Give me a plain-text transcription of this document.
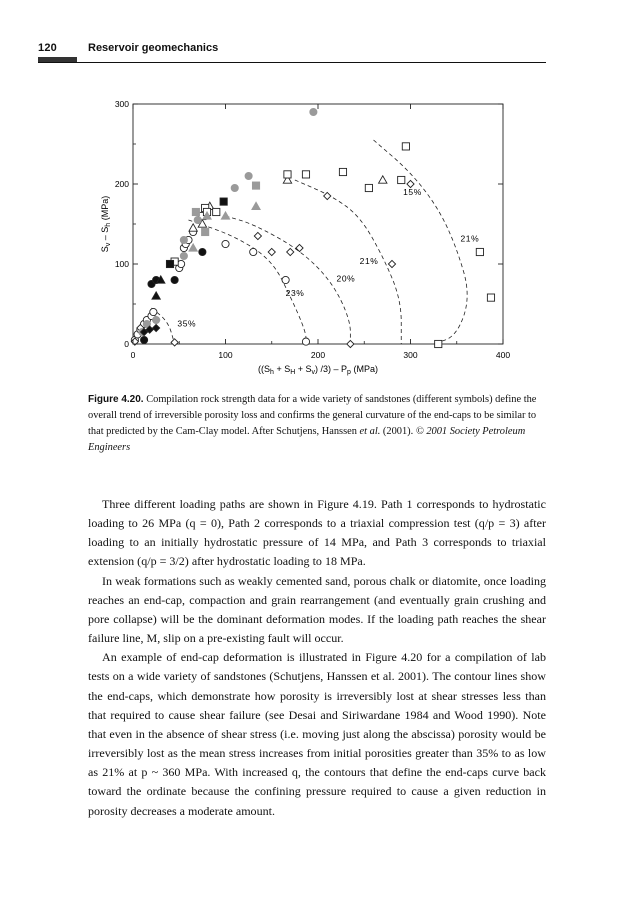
120	Reservoir geomechanics
0	100	200	300	400
0
100
200
300
35%
23%
20%
21%
15%
21%
($(S_h + S_H + S_v)$ $/3) - P_p$ (MPa)
$S_v - S_h$ (MPa)
Figure 4.20. Compilation rock strength data for a wide variety of sandstones (different symbols) define the overall trend of irreversible porosity loss and confirms the general curvature of the end-caps to be similar to that predicted by the Cam-Clay model. After Schutjens, Hanssen et al. (2001). © 2001 Society Petroleum Engineers

Three different loading paths are shown in Figure 4.19. Path 1 corresponds to hydrostatic loading to 26 MPa (q = 0), Path 2 corresponds to a triaxial compression test (q/p = 3) after loading to an initially hydrostatic pressure of 14 MPa, and Path 3 corresponds to triaxial extension (q/p = 3/2) after hydrostatic loading to 18 MPa.

In weak formations such as weakly cemented sand, porous chalk or diatomite, once loading reaches an end-cap, compaction and grain rearrangement (and eventually grain crushing and pore collapse) will be the dominant deformation modes. If the loading path reaches the shear failure line, M, slip on a pre-existing fault will occur.

An example of end-cap deformation is illustrated in Figure 4.20 for a compilation of lab tests on a wide variety of sandstones (Schutjens, Hanssen et al. 2001). The contour lines show the end-caps, which demonstrate how porosity is irreversibly lost at shear stresses less than that required to cause shear failure (see Desai and Siriwardane 1984 and Wood 1990). Note that even in the absence of shear stress (i.e. moving just along the abscissa) porosity would be irreversibly lost as the mean stress increases from initial porosities greater than 35% to as low as 21% at p ~ 360 MPa. With increased q, the contours that define the end-caps curve back toward the ordinate because the confining pressure required to cause a given reduction in porosity decreases a moderate amount.
